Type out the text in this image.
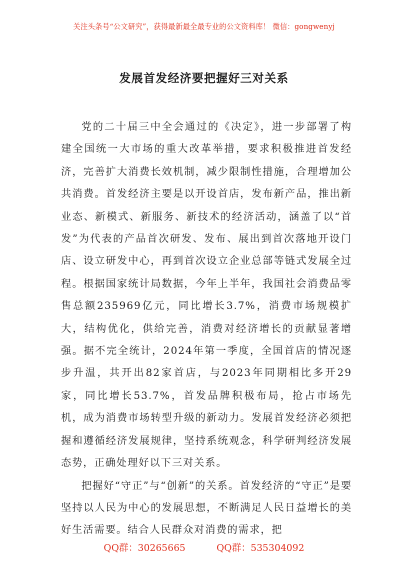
关注头条号“公文研究”，获得最新最全最专业的公文资料库！ 微信：gongwenyj
发展首发经济要把握好三对关系

党的二十届三中全会通过的《决定》，进一步部署了构建全国统一大市场的重大改革举措，要求积极推进首发经济，完善扩大消费长效机制，减少限制性措施，合理增加公共消费。首发经济主要是以开设首店，发布新产品，推出新业态、新模式、新服务、新技术的经济活动，涵盖了以“首发”为代表的产品首次研发、发布、展出到首次落地开设门店、设立研发中心，再到首次设立企业总部等链式发展全过程。根据国家统计局数据，今年上半年，我国社会消费品零售总额235969亿元，同比增长3.7%，消费市场规模扩大，结构优化，供给完善，消费对经济增长的贡献显著增强。据不完全统计，2024年第一季度，全国首店的情况逐步升温，共开出82家首店，与2023年同期相比多开29家，同比增长53.7%，首发品牌积极布局，抢占市场先机，成为消费市场转型升级的新动力。发展首发经济必须把握和遵循经济发展规律，坚持系统观念，科学研判经济发展态势，正确处理好以下三对关系。

把握好“守正”与“创新”的关系。首发经济的“守正”是要坚持以人民为中心的发展思想，不断满足人民日益增长的美好生活需要。结合人民群众对消费的需求，把

QQ群：30265665	QQ群：535304092
